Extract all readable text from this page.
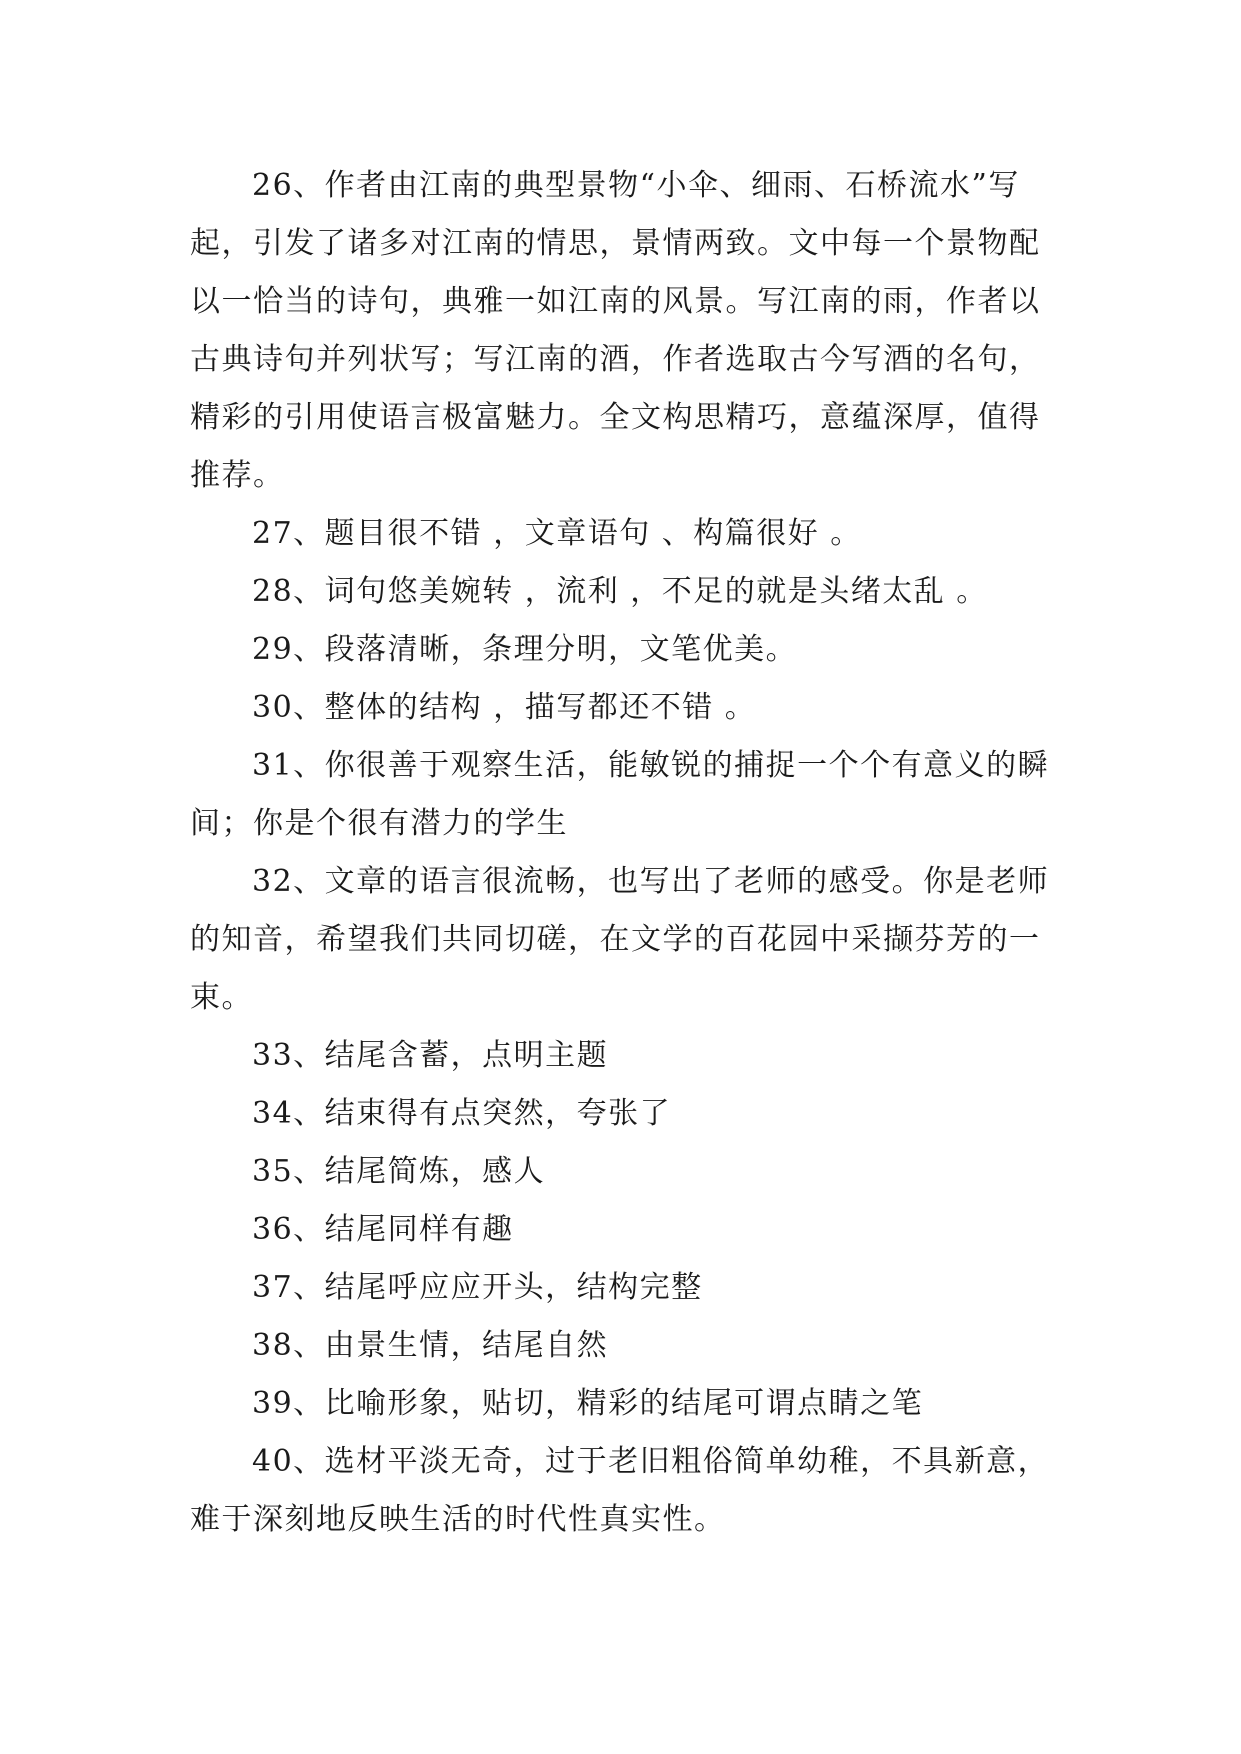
26、作者由江南的典型景物“小伞、细雨、石桥流水”写起，引发了诸多对江南的情思，景情两致。文中每一个景物配以一恰当的诗句，典雅一如江南的风景。写江南的雨，作者以古典诗句并列状写；写江南的酒，作者选取古今写酒的名句，精彩的引用使语言极富魅力。全文构思精巧，意蕴深厚，值得推荐。

27、题目很不错 ，文章语句 、构篇很好 。

28、词句悠美婉转 ，流利 ，不足的就是头绪太乱 。

29、段落清晰，条理分明，文笔优美。

30、整体的结构 ，描写都还不错 。

31、你很善于观察生活，能敏锐的捕捉一个个有意义的瞬间；你是个很有潜力的学生

32、文章的语言很流畅，也写出了老师的感受。你是老师的知音，希望我们共同切磋，在文学的百花园中采撷芬芳的一束。

33、结尾含蓄，点明主题

34、结束得有点突然，夸张了

35、结尾简炼，感人

36、结尾同样有趣

37、结尾呼应应开头，结构完整

38、由景生情，结尾自然

39、比喻形象，贴切，精彩的结尾可谓点睛之笔

40、选材平淡无奇，过于老旧粗俗简单幼稚，不具新意，难于深刻地反映生活的时代性真实性。
